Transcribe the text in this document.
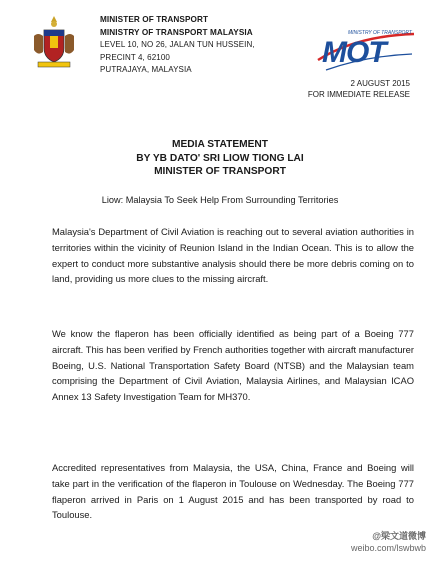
MINISTER OF TRANSPORT
MINISTRY OF TRANSPORT MALAYSIA
LEVEL 10, NO 26, JALAN TUN HUSSEIN,
PRECINT 4, 62100
PUTRAJAYA, MALAYSIA
MINISTRY OF TRANSPORT
MOT
2 AUGUST 2015
FOR IMMEDIATE RELEASE
MEDIA STATEMENT
BY YB DATO' SRI LIOW TIONG LAI
MINISTER OF TRANSPORT
Liow: Malaysia To Seek Help From Surrounding Territories
Malaysia's Department of Civil Aviation is reaching out to several aviation authorities in territories within the vicinity of Reunion Island in the Indian Ocean. This is to allow the expert to conduct more substantive analysis should there be more debris coming on to land, providing us more clues to the missing aircraft.
We know the flaperon has been officially identified as being part of a Boeing 777 aircraft. This has been verified by French authorities together with aircraft manufacturer Boeing, U.S. National Transportation Safety Board (NTSB) and the Malaysian team comprising the Department of Civil Aviation, Malaysia Airlines, and Malaysian ICAO Annex 13 Safety Investigation Team for MH370.
Accredited representatives from Malaysia, the USA, China, France and Boeing will take part in the verification of the flaperon in Toulouse on Wednesday. The Boeing 777 flaperon arrived in Paris on 1 August 2015 and has been transported by road to Toulouse.
@梁文道微博
weibo.com/lswbwb
